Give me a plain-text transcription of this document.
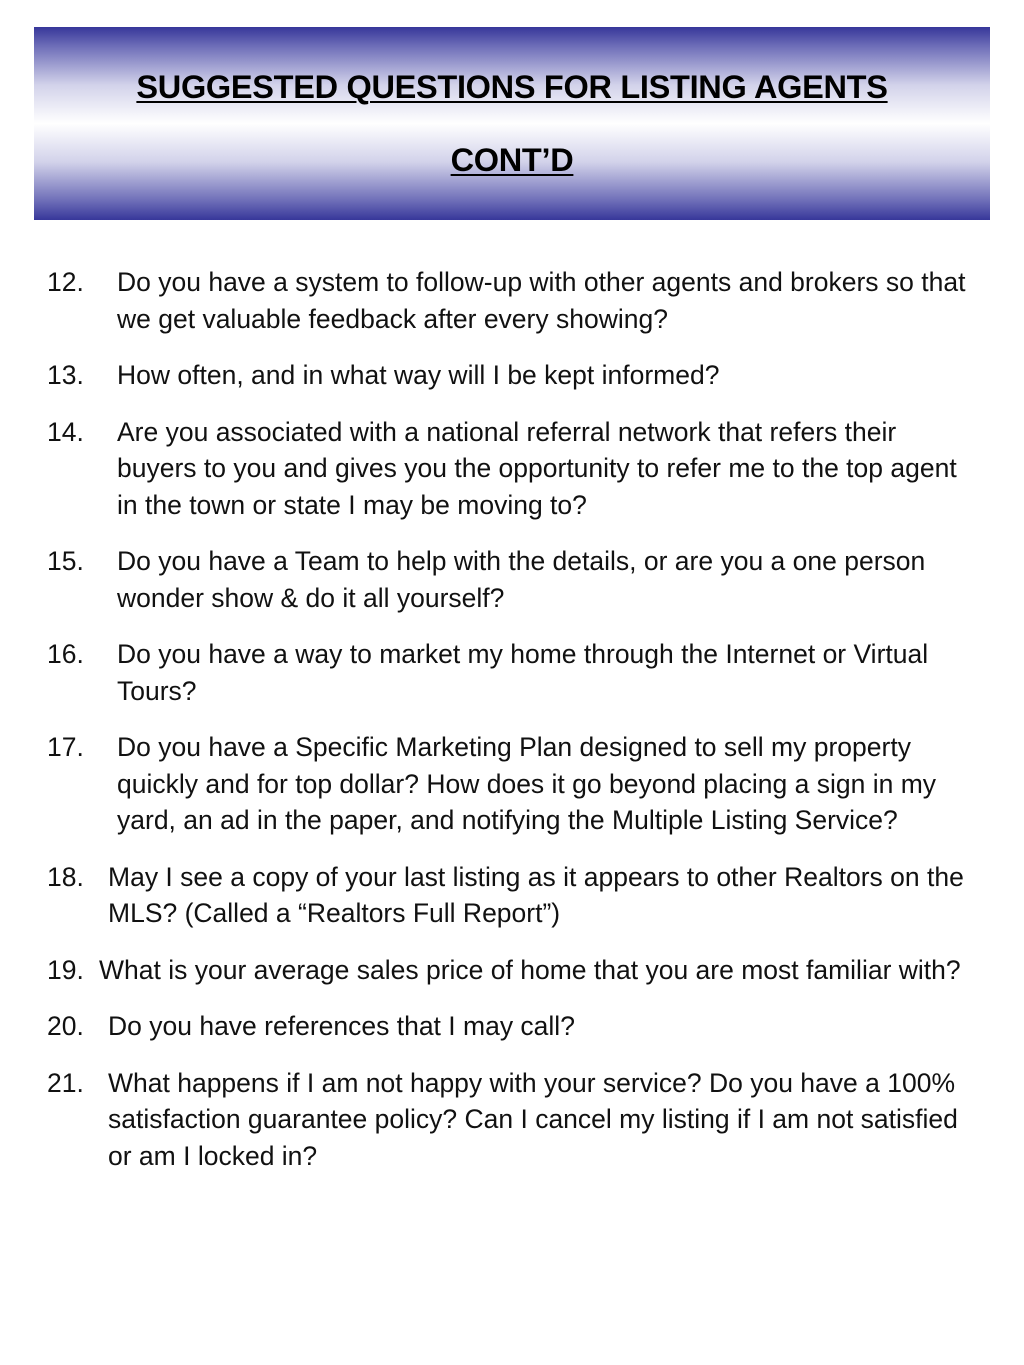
SUGGESTED QUESTIONS FOR LISTING AGENTS
CONT’D
12.	Do you have a system to follow-up with other agents and brokers so that we get valuable feedback after every showing?
13.	How often, and in what way will I be kept informed?
14.	Are you associated with a national referral network that refers their buyers to you and gives you the opportunity to refer me to the top agent in the town or state I may be moving to?
15.	Do you have a Team to help with the details, or are you a one person wonder show & do it all yourself?
16.	Do you have a way to market my home through the Internet or Virtual Tours?
17.	Do you have a Specific Marketing Plan designed to sell my property quickly and for top dollar? How does it go beyond placing a sign in my yard, an ad in the paper, and notifying the Multiple Listing Service?
18. May I see a copy of your last listing as it appears to other Realtors on the MLS? (Called a “Realtors Full Report”)
19. What is your average sales price of home that you are most familiar with?
20. Do you have references that I may call?
21. What happens if I am not happy with your service? Do you have a 100% satisfaction guarantee policy? Can I cancel my listing if I am not satisfied or am I locked in?
